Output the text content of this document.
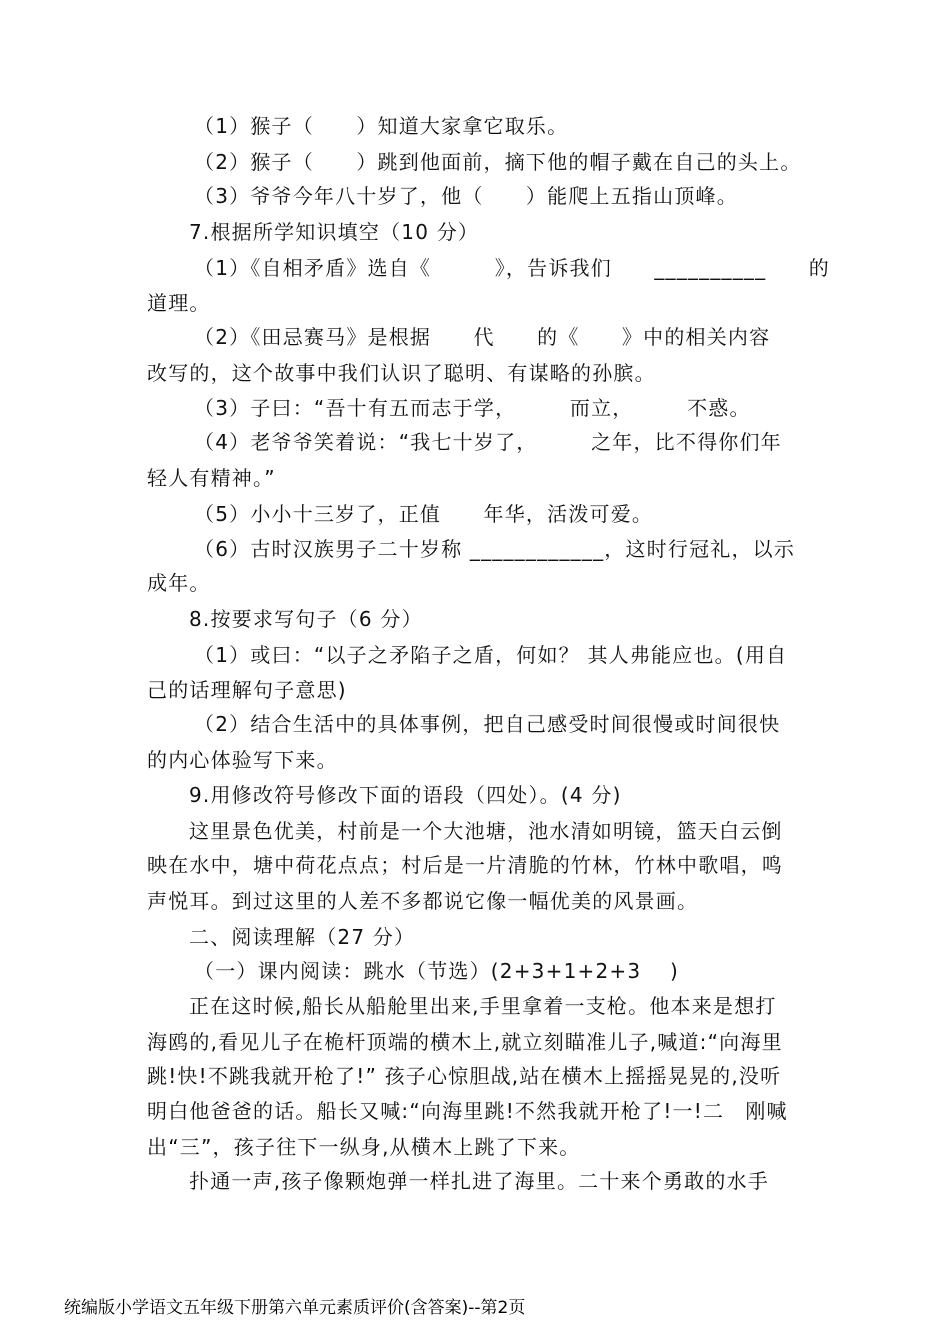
（1）猴子（　　）知道大家拿它取乐。
（2）猴子（　　）跳到他面前，摘下他的帽子戴在自己的头上。
（3）爷爷今年八十岁了，他（　　）能爬上五指山顶峰。
7.根据所学知识填空（10 分）
（1）《自相矛盾》选自《　　　》，告诉我们　　__________　　的
道理。
（2）《田忌赛马》是根据　　代　　的《　　》中的相关内容
改写的，这个故事中我们认识了聪明、有谋略的孙膑。
（3）子曰：“吾十有五而志于学，　　　而立，　　　不惑。
（4）老爷爷笑着说：“我七十岁了，　　　之年，比不得你们年
轻人有精神。”
（5）小小十三岁了，正值　　年华，活泼可爱。
（6）古时汉族男子二十岁称 ____________，这时行冠礼，以示
成年。
8.按要求写句子（6 分）
（1）或曰：“以子之矛陷子之盾，何如？ 其人弗能应也。(用自
己的话理解句子意思)
（2）结合生活中的具体事例，把自己感受时间很慢或时间很快
的内心体验写下来。
9.用修改符号修改下面的语段（四处）。(4 分)
这里景色优美，村前是一个大池塘，池水清如明镜，篮天白云倒
映在水中，塘中荷花点点；村后是一片清脆的竹林，竹林中歌唱，鸣
声悦耳。到过这里的人差不多都说它像一幅优美的风景画。
二、阅读理解（27 分）
（一）课内阅读：跳水（节选）(2+3+1+2+3　 )
正在这时候,船长从船舱里出来,手里拿着一支枪。他本来是想打
海鸥的,看见儿子在桅杆顶端的横木上,就立刻瞄准儿子,喊道:“向海里
跳!快!不跳我就开枪了!” 孩子心惊胆战,站在横木上摇摇晃晃的,没听
明白他爸爸的话。船长又喊:“向海里跳!不然我就开枪了!一!二　刚喊
出“三”，孩子往下一纵身,从横木上跳了下来。
扑通一声,孩子像颗炮弹一样扎进了海里。二十来个勇敢的水手
统编版小学语文五年级下册第六单元素质评价(含答案)--第2页
